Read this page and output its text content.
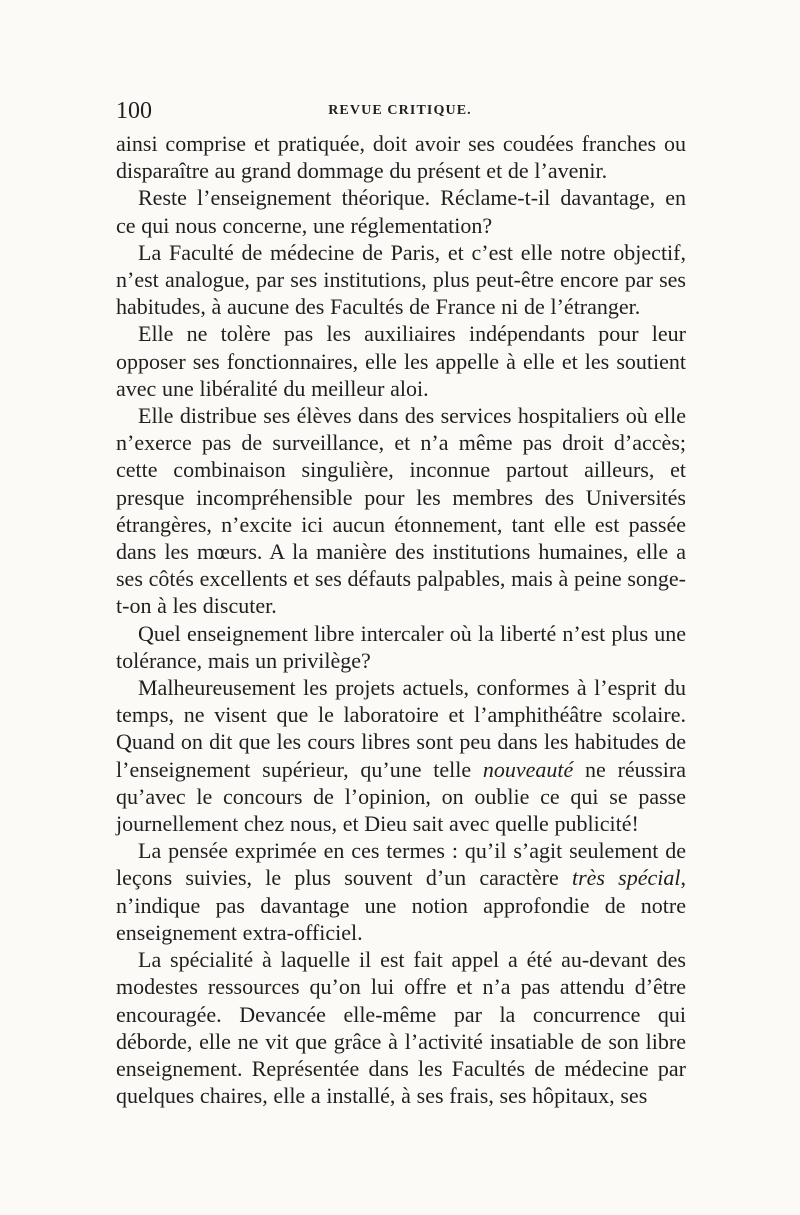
100	REVUE CRITIQUE.

ainsi comprise et pratiquée, doit avoir ses coudées franches ou disparaître au grand dommage du présent et de l’avenir.

Reste l’enseignement théorique. Réclame-t-il davantage, en ce qui nous concerne, une réglementation?

La Faculté de médecine de Paris, et c’est elle notre objectif, n’est analogue, par ses institutions, plus peut-être encore par ses habitudes, à aucune des Facultés de France ni de l’étranger.

Elle ne tolère pas les auxiliaires indépendants pour leur opposer ses fonctionnaires, elle les appelle à elle et les soutient avec une libéralité du meilleur aloi.

Elle distribue ses élèves dans des services hospitaliers où elle n’exerce pas de surveillance, et n’a même pas droit d’accès; cette combinaison singulière, inconnue partout ailleurs, et presque incompréhensible pour les membres des Universités étrangères, n’excite ici aucun étonnement, tant elle est passée dans les mœurs. A la manière des institutions humaines, elle a ses côtés excellents et ses défauts palpables, mais à peine songe-t-on à les discuter.

Quel enseignement libre intercaler où la liberté n’est plus une tolérance, mais un privilège?

Malheureusement les projets actuels, conformes à l’esprit du temps, ne visent que le laboratoire et l’amphithéâtre scolaire. Quand on dit que les cours libres sont peu dans les habitudes de l’enseignement supérieur, qu’une telle nouveauté ne réussira qu’avec le concours de l’opinion, on oublie ce qui se passe journellement chez nous, et Dieu sait avec quelle publicité!

La pensée exprimée en ces termes : qu’il s’agit seulement de leçons suivies, le plus souvent d’un caractère très spécial, n’indique pas davantage une notion approfondie de notre enseignement extra-officiel.

La spécialité à laquelle il est fait appel a été au-devant des modestes ressources qu’on lui offre et n’a pas attendu d’être encouragée. Devancée elle-même par la concurrence qui déborde, elle ne vit que grâce à l’activité insatiable de son libre enseignement. Représentée dans les Facultés de médecine par quelques chaires, elle a installé, à ses frais, ses hôpitaux, ses
